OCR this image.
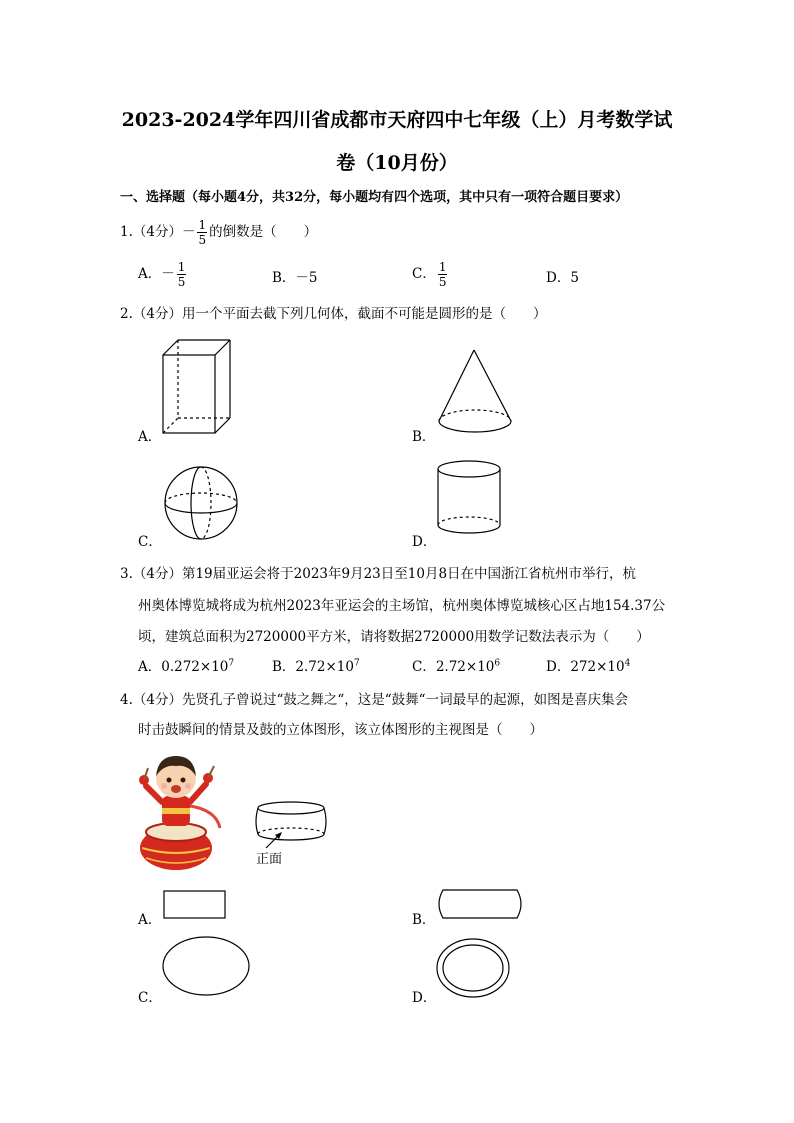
2023-2024学年四川省成都市天府四中七年级（上）月考数学试
卷（10月份）
一、选择题（每小题4分，共32分，每小题均有四个选项，其中只有一项符合题目要求）
1.（4分）－ $\frac{1}{5}$ 的倒数是（　　）
A．－ $\frac{1}{5}$	B．－5	C． $\frac{1}{5}$	D．5
2.（4分）用一个平面去截下列几何体，截面不可能是圆形的是（　　）
A．	B．
C．	D．
3.（4分）第19届亚运会将于2023年9月23日至10月8日在中国浙江省杭州市举行，杭
州奥体博览城将成为杭州2023年亚运会的主场馆，杭州奥体博览城核心区占地154.37公
顷，建筑总面积为2720000平方米，请将数据2720000用数学记数法表示为（　　）
A．$0.272\times 10^7$	B．$2.72\times 10^7$	C．$2.72\times 10^6$	D．$272\times 10^4$
4.（4分）先贤孔子曾说过“鼓之舞之“，这是“鼓舞“一词最早的起源，如图是喜庆集会
时击鼓瞬间的情景及鼓的立体图形，该立体图形的主视图是（　　）
正面
A．	B．
C．	D．
